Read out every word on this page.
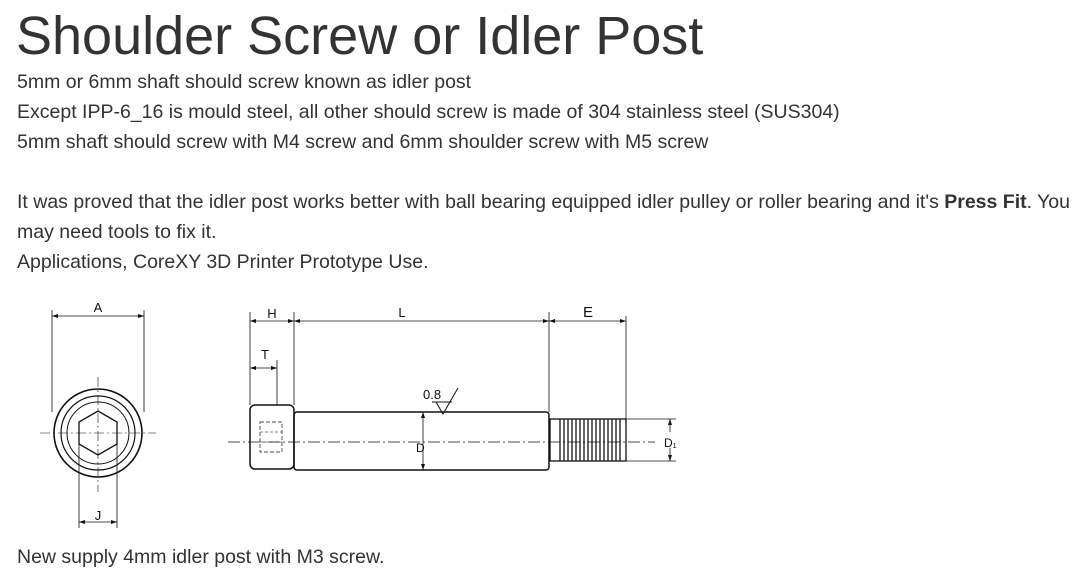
Shoulder Screw or Idler Post
5mm or 6mm shaft should screw known as idler post
Except IPP-6_16 is mould steel, all other should screw is made of 304 stainless steel (SUS304)
5mm shaft should screw with M4 screw and 6mm shoulder screw with M5 screw
It was proved that the idler post works better with ball bearing equipped idler pulley or roller bearing and it's Press Fit. You may need tools to fix it.
Applications, CoreXY 3D Printer Prototype Use.
A
J
D
0.8
H	L	E
T
D₁

New supply 4mm idler post with M3 screw.
